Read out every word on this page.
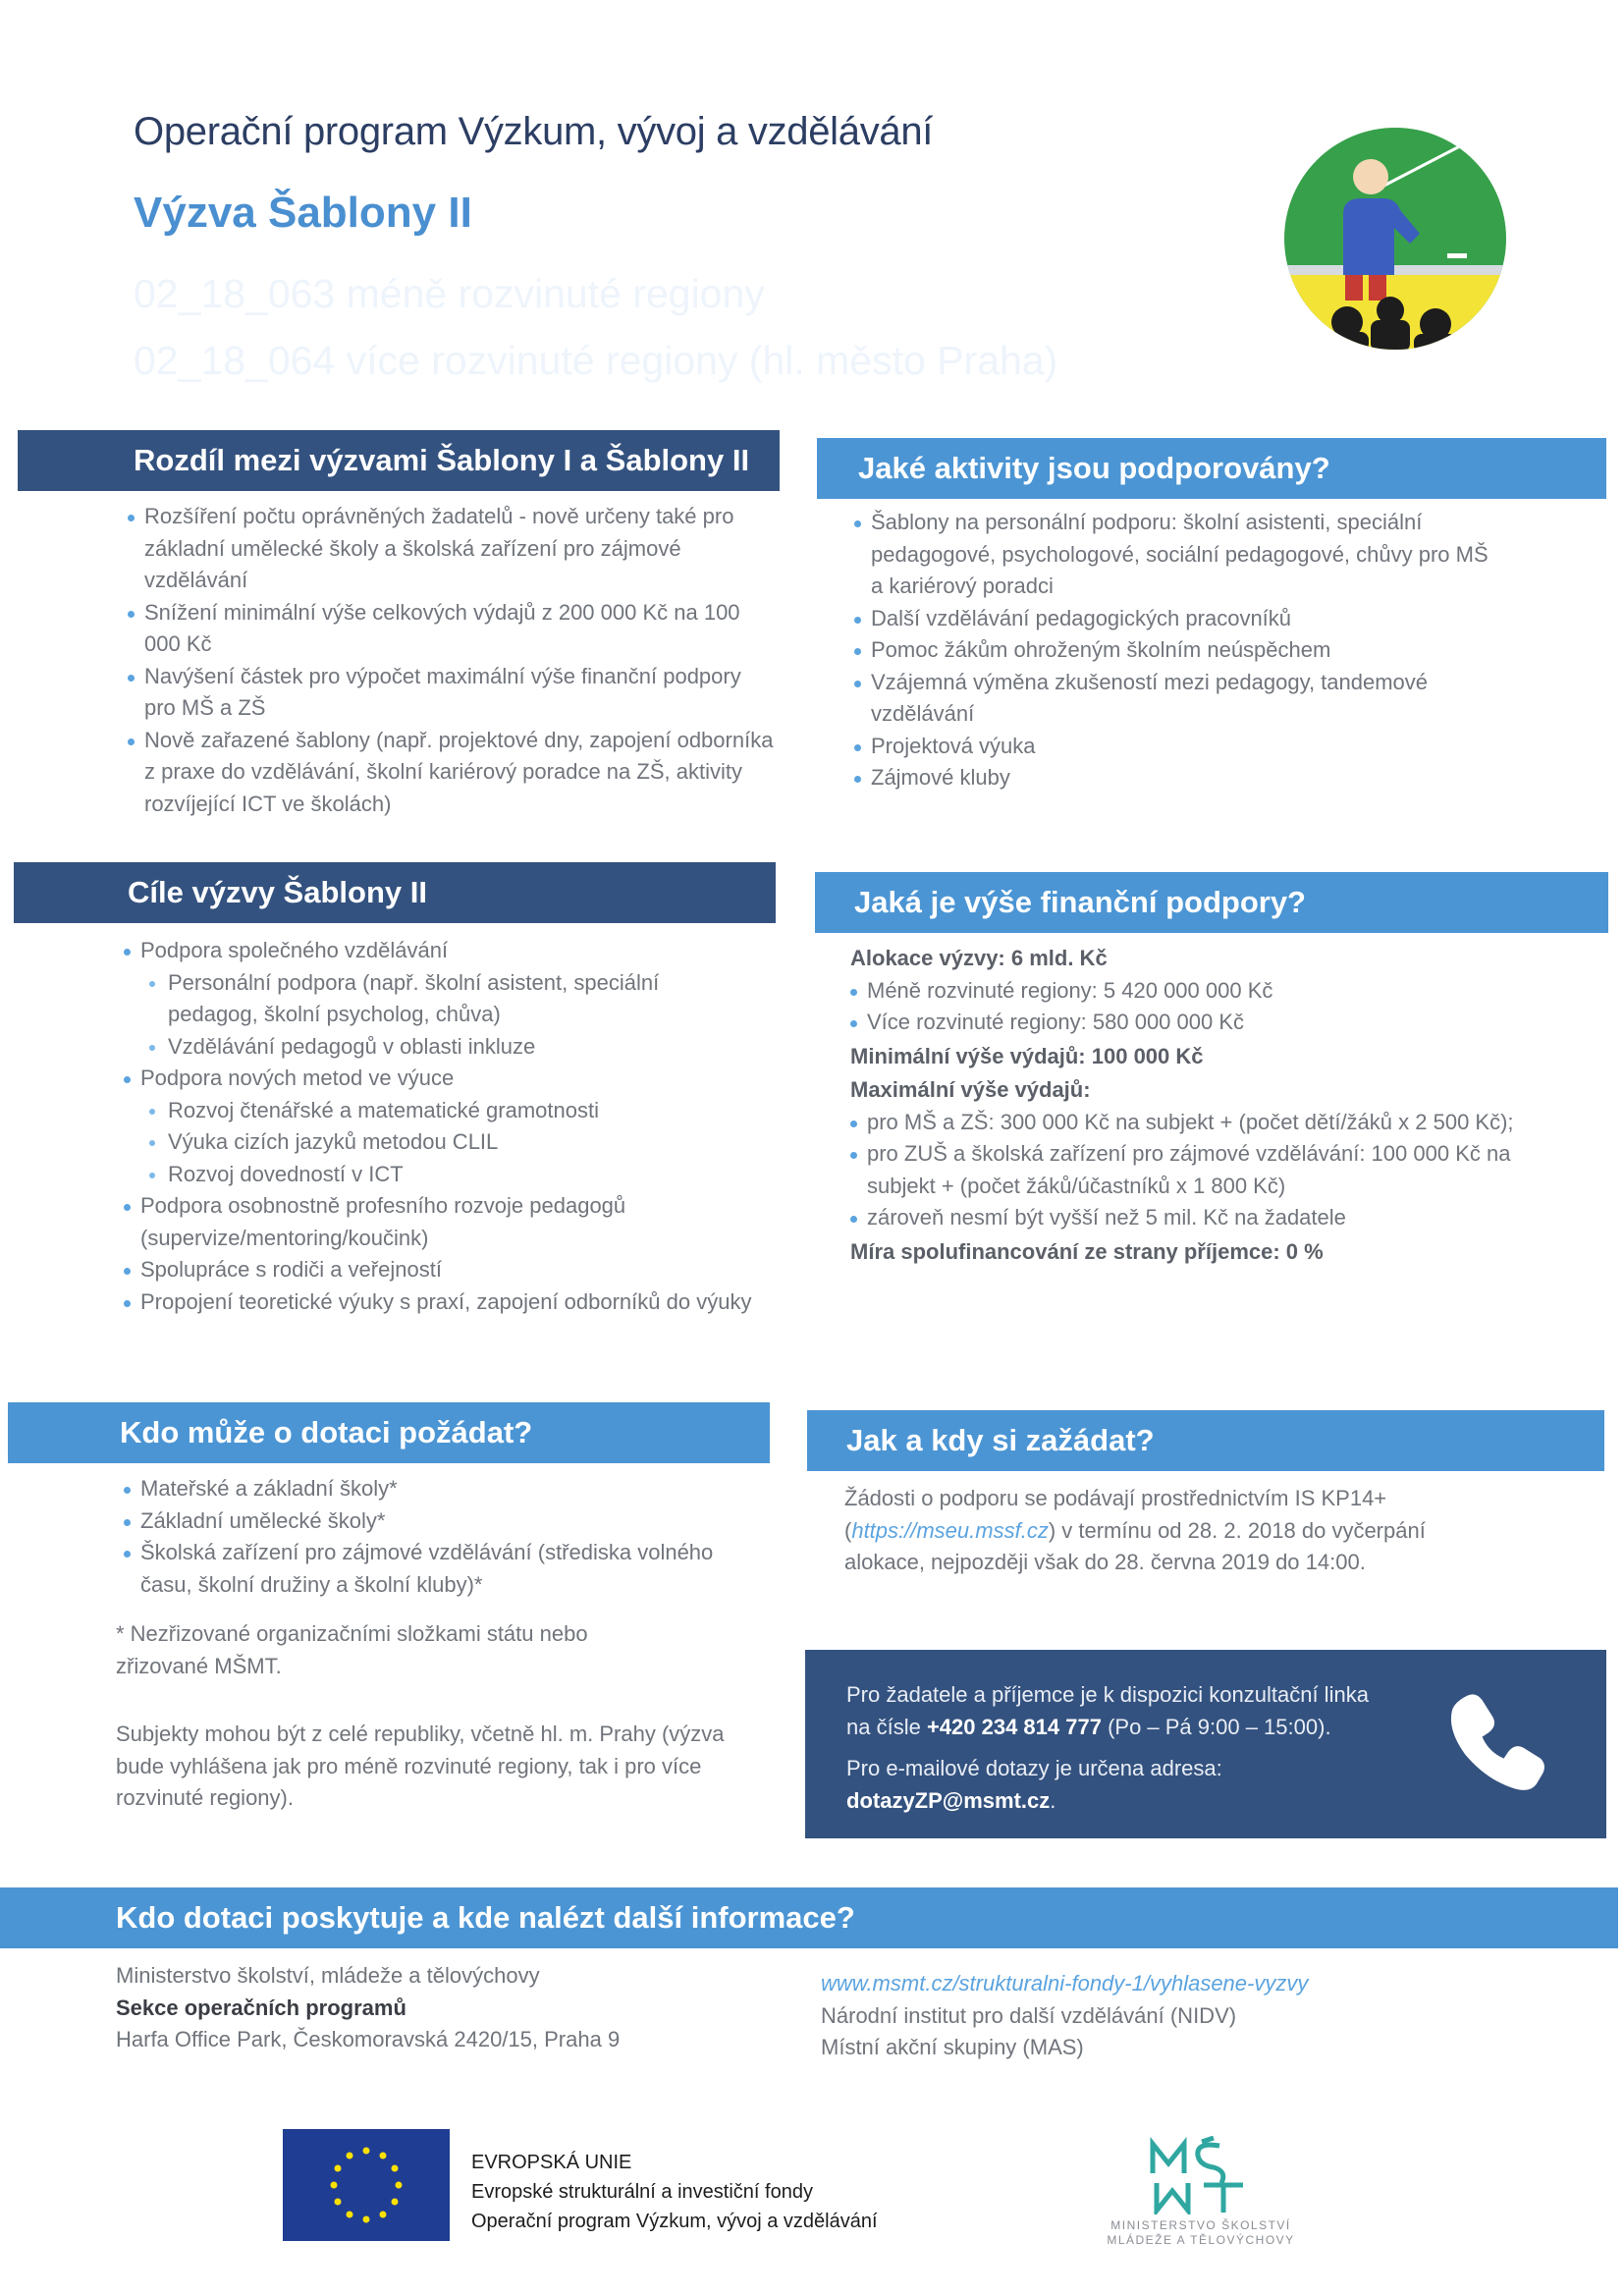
Operační program Výzkum, vývoj a vzdělávání
Výzva Šablony II
02_18_063 méně rozvinuté regiony
02_18_064 více rozvinuté regiony (hl. město Praha)
Rozdíl mezi výzvami Šablony I a Šablony II
Rozšíření počtu oprávněných žadatelů - nově určeny také pro základní umělecké školy a školská zařízení pro zájmové vzdělávání
Snížení minimální výše celkových výdajů z 200 000 Kč na 100 000 Kč
Navýšení částek pro výpočet maximální výše finanční podpory pro MŠ a ZŠ
Nově zařazené šablony (např. projektové dny, zapojení odborníka z praxe do vzdělávání, školní kariérový poradce na ZŠ, aktivity rozvíjející ICT ve školách)
Jaké aktivity jsou podporovány?
Šablony na personální podporu: školní asistenti, speciální pedagogové, psychologové, sociální pedagogové, chůvy pro MŠ a kariérový poradci
Další vzdělávání pedagogických pracovníků
Pomoc žákům ohroženým školním neúspěchem
Vzájemná výměna zkušeností mezi pedagogy, tandemové vzdělávání
Projektová výuka
Zájmové kluby
Cíle výzvy Šablony II
Podpora společného vzdělávání
Personální podpora (např. školní asistent, speciální pedagog, školní psycholog, chůva)
Vzdělávání pedagogů v oblasti inkluze
Podpora nových metod ve výuce
Rozvoj čtenářské a matematické gramotnosti
Výuka cizích jazyků metodou CLIL
Rozvoj dovedností v ICT
Podpora osobnostně profesního rozvoje pedagogů (supervize/mentoring/koučink)
Spolupráce s rodiči a veřejností
Propojení teoretické výuky s praxí, zapojení odborníků do výuky
Jaká je výše finanční podpory?
Alokace výzvy: 6 mld. Kč
Méně rozvinuté regiony: 5 420 000 000 Kč
Více rozvinuté regiony: 580 000 000 Kč
Minimální výše výdajů: 100 000 Kč
Maximální výše výdajů:
pro MŠ a ZŠ: 300 000 Kč na subjekt + (počet dětí/žáků x 2 500 Kč);
pro ZUŠ a školská zařízení pro zájmové vzdělávání: 100 000 Kč na subjekt + (počet žáků/účastníků x 1 800 Kč)
zároveň nesmí být vyšší než 5 mil. Kč na žadatele
Míra spolufinancování ze strany příjemce: 0 %
Kdo může o dotaci požádat?
Mateřské a základní školy*
Základní umělecké školy*
Školská zařízení pro zájmové vzdělávání (střediska volného času, školní družiny a školní kluby)*
* Nezřizované organizačními složkami státu nebo zřizované MŠMT.
Subjekty mohou být z celé republiky, včetně hl. m. Prahy (výzva bude vyhlášena jak pro méně rozvinuté regiony, tak i pro více rozvinuté regiony).
Jak a kdy si zažádat?
Žádosti o podporu se podávají prostřednictvím IS KP14+ (https://mseu.mssf.cz) v termínu od 28. 2. 2018 do vyčerpání alokace, nejpozději však do 28. června 2019 do 14:00.
Pro žadatele a příjemce je k dispozici konzultační linka
na čísle +420 234 814 777 (Po – Pá 9:00 – 15:00).
Pro e-mailové dotazy je určena adresa:
dotazyZP@msmt.cz.
Kdo dotaci poskytuje a kde nalézt další informace?
Ministerstvo školství, mládeže a tělovýchovy
Sekce operačních programů
Harfa Office Park, Českomoravská 2420/15, Praha 9
www.msmt.cz/strukturalni-fondy-1/vyhlasene-vyzvy
Národní institut pro další vzdělávání (NIDV)
Místní akční skupiny (MAS)
EVROPSKÁ UNIE
Evropské strukturální a investiční fondy
Operační program Výzkum, vývoj a vzdělávání	MINISTERSTVO ŠKOLSTVÍ
MLÁDEŽE A TĚLOVÝCHOVY
